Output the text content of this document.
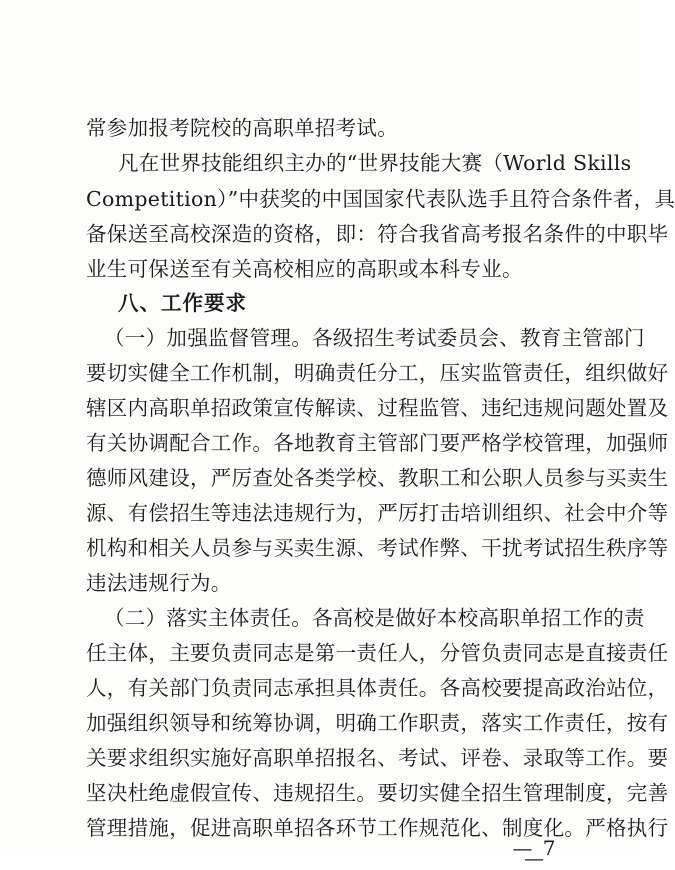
常参加报考院校的高职单招考试。
凡在世界技能组织主办的“世界技能大赛（World Skills
Competition）”中获奖的中国国家代表队选手且符合条件者，具
备保送至高校深造的资格，即：符合我省高考报名条件的中职毕
业生可保送至有关高校相应的高职或本科专业。
八、工作要求
（一）加强监督管理。各级招生考试委员会、教育主管部门
要切实健全工作机制，明确责任分工，压实监管责任，组织做好
辖区内高职单招政策宣传解读、过程监管、违纪违规问题处置及
有关协调配合工作。各地教育主管部门要严格学校管理，加强师
德师风建设，严厉查处各类学校、教职工和公职人员参与买卖生
源、有偿招生等违法违规行为，严厉打击培训组织、社会中介等
机构和相关人员参与买卖生源、考试作弊、干扰考试招生秩序等
违法违规行为。
（二）落实主体责任。各高校是做好本校高职单招工作的责
任主体，主要负责同志是第一责任人，分管负责同志是直接责任
人，有关部门负责同志承担具体责任。各高校要提高政治站位，
加强组织领导和统筹协调，明确工作职责，落实工作责任，按有
关要求组织实施好高职单招报名、考试、评卷、录取等工作。要
坚决杜绝虚假宣传、违规招生。要切实健全招生管理制度，完善
管理措施，促进高职单招各环节工作规范化、制度化。严格执行
— 7 —
